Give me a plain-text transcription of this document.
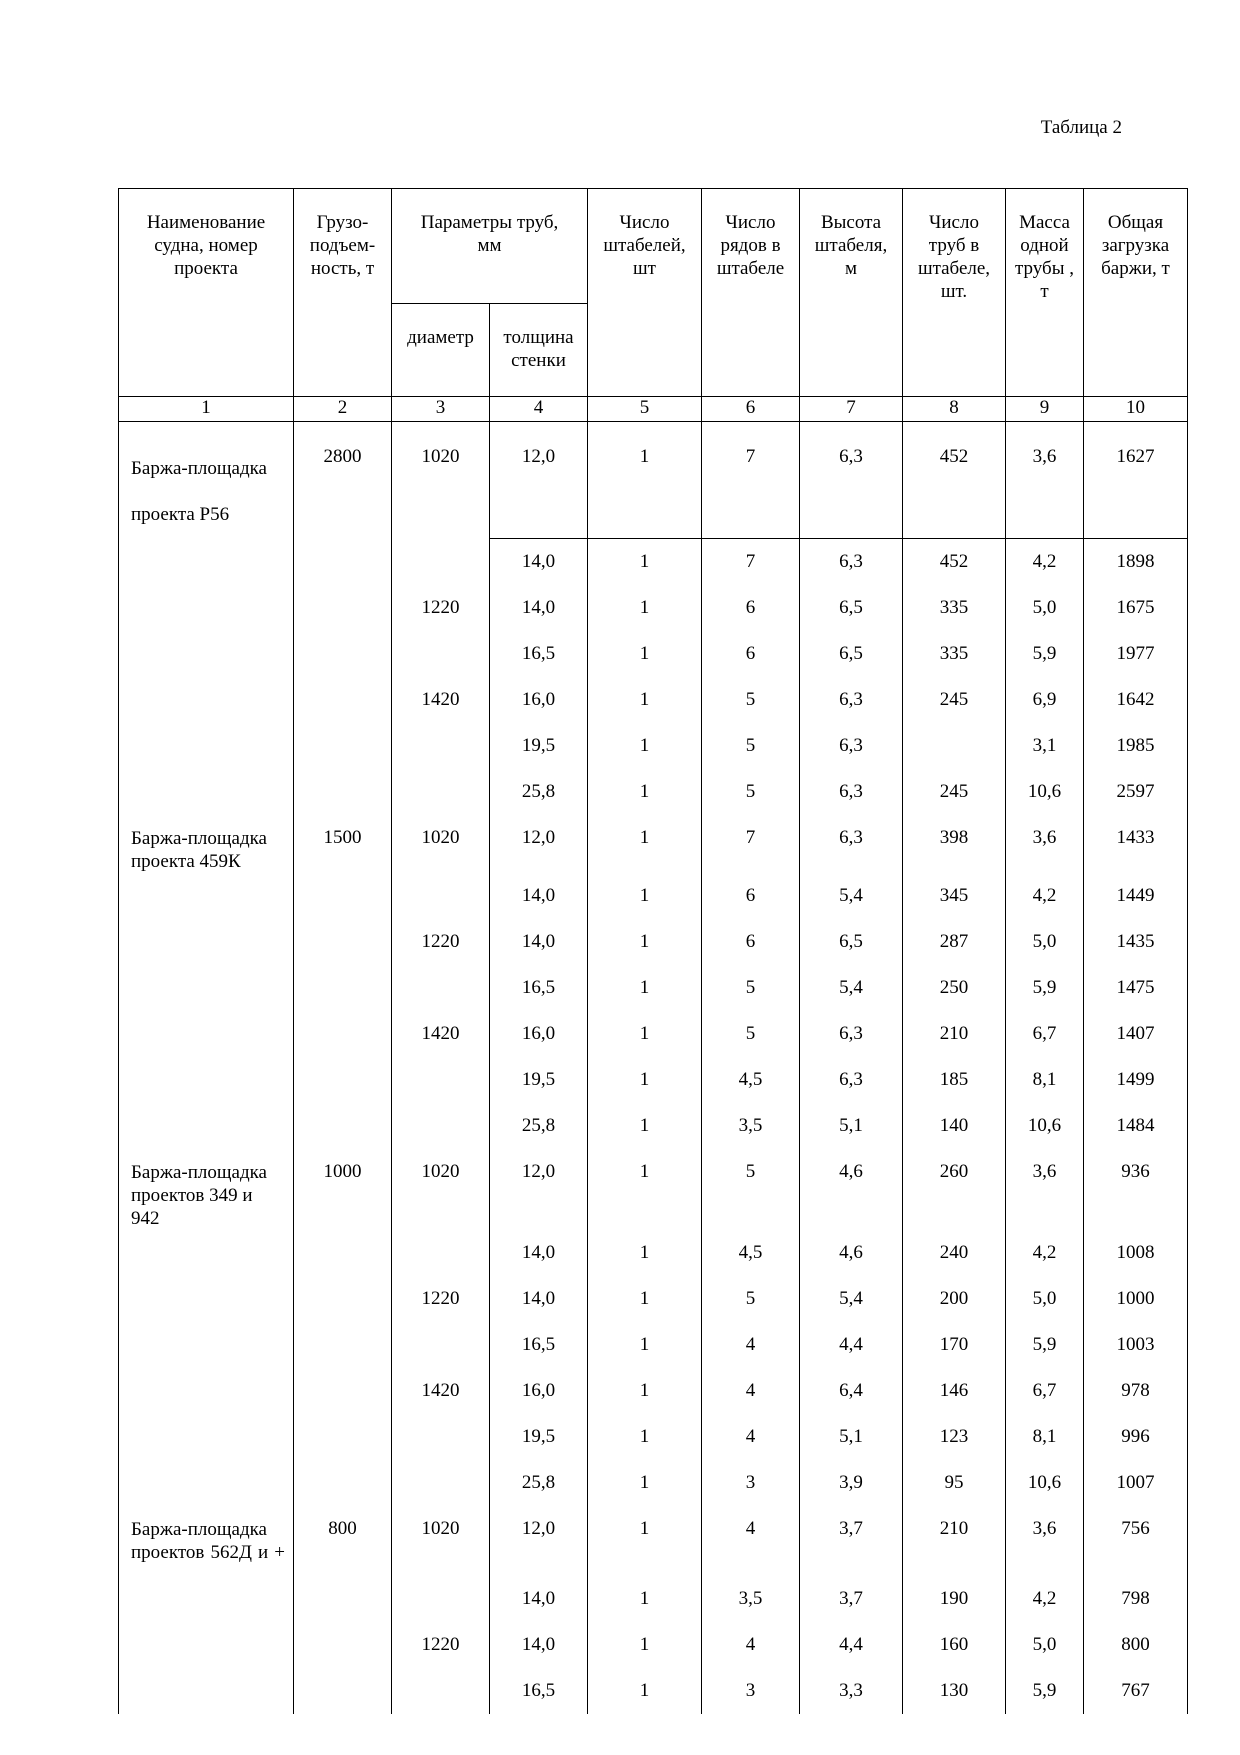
Таблица 2
Наименование судна, номер проекта	Грузо-подъем-ность, т	Параметры труб, мм		Число штабелей, шт	Число рядов в штабеле	Высота штабеля, м	Число труб в штабеле, шт.	Масса одной трубы , т	Общая загрузка баржи, т
		диаметр	толщина стенки						
1	2	3	4	5	6	7	8	9	10
Баржа-площадка проекта Р56	2800	1020	12,0	1	7	6,3	452	3,6	1627
			14,0	1	7	6,3	452	4,2	1898
		1220	14,0	1	6	6,5	335	5,0	1675
			16,5	1	6	6,5	335	5,9	1977
		1420	16,0	1	5	6,3	245	6,9	1642
			19,5	1	5	6,3		3,1	1985
			25,8	1	5	6,3	245	10,6	2597
Баржа-площадка проекта 459К	1500	1020	12,0	1	7	6,3	398	3,6	1433
			14,0	1	6	5,4	345	4,2	1449
		1220	14,0	1	6	6,5	287	5,0	1435
			16,5	1	5	5,4	250	5,9	1475
		1420	16,0	1	5	6,3	210	6,7	1407
			19,5	1	4,5	6,3	185	8,1	1499
			25,8	1	3,5	5,1	140	10,6	1484
Баржа-площадка проектов 349 и 942	1000	1020	12,0	1	5	4,6	260	3,6	936
			14,0	1	4,5	4,6	240	4,2	1008
		1220	14,0	1	5	5,4	200	5,0	1000
			16,5	1	4	4,4	170	5,9	1003
		1420	16,0	1	4	6,4	146	6,7	978
			19,5	1	4	5,1	123	8,1	996
			25,8	1	3	3,9	95	10,6	1007
Баржа-площадка проектов 562Д и +	800	1020	12,0	1	4	3,7	210	3,6	756
			14,0	1	3,5	3,7	190	4,2	798
		1220	14,0	1	4	4,4	160	5,0	800
			16,5	1	3	3,3	130	5,9	767
